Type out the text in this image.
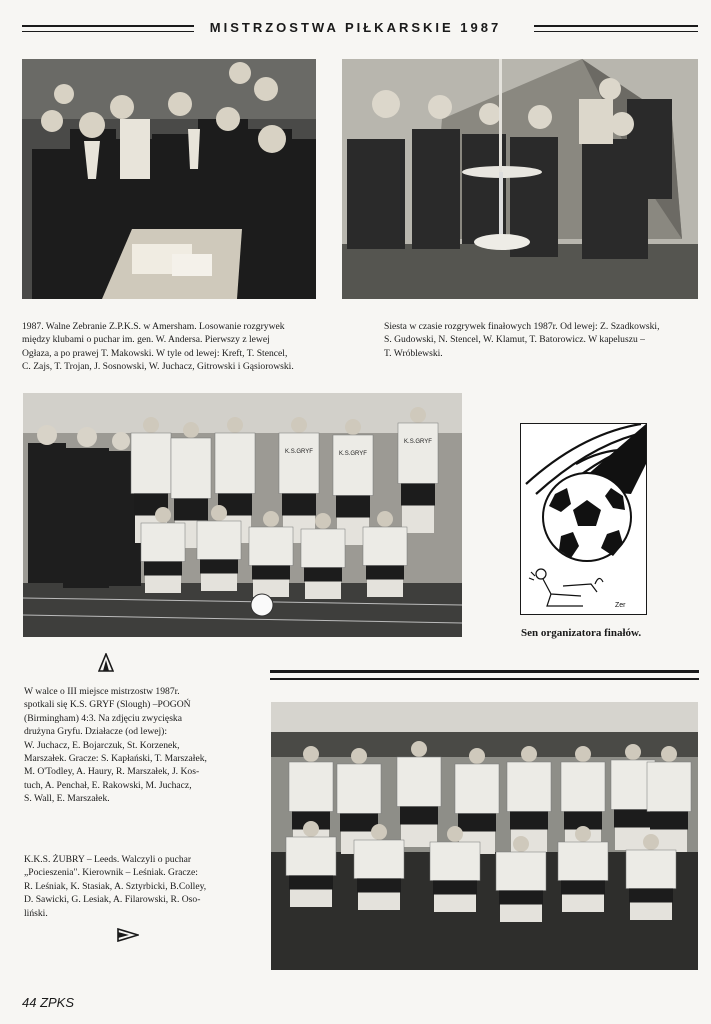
MISTRZOSTWA PIŁKARSKIE 1987

1987. Walne Zebranie Z.P.K.S. w Amersham. Losowanie rozgrywek

między klubami o puchar im. gen. W. Andersa. Pierwszy z lewej

Ogłaza, a po prawej T. Makowski. W tyle od lewej: Kreft, T. Stencel,

C. Zajs, T. Trojan, J. Sosnowski, W. Juchacz, Gitrowski i Gąsiorowski.

Siesta w czasie rozgrywek finałowych 1987r. Od lewej: Z. Szadkowski,

S. Gudowski, N. Stencel, W. Klamut, T. Batorowicz. W kapeluszu –

T. Wróblewski.

K.S.GRYF	K.S.GRYF
K.S.GRYF

W walce o III miejsce mistrzostw 1987r.

spotkali się K.S. GRYF (Slough) –POGOŃ

(Birmingham) 4:3. Na zdjęciu zwycięska

drużyna Gryfu. Działacze (od lewej):

W. Juchacz, E. Bojarczuk, St. Korzenek,

Marszałek. Gracze: S. Kapłański, T. Marszałek,

M. O'Todley, A. Haury, R. Marszałek, J. Kos-

tuch, A. Penchał, E. Rakowski, M. Juchacz,

S. Wall, E. Marszałek.

Zer
Sen organizatora finałów.

K.K.S. ŻUBRY – Leeds. Walczyli o puchar

„Pocieszenia". Kierownik – Leśniak. Gracze:

R. Leśniak, K. Stasiak, A. Sztyrbicki, B.Colley,

D. Sawicki, G. Lesiak, A. Filarowski, R. Oso-

liński.

44 ZPKS
